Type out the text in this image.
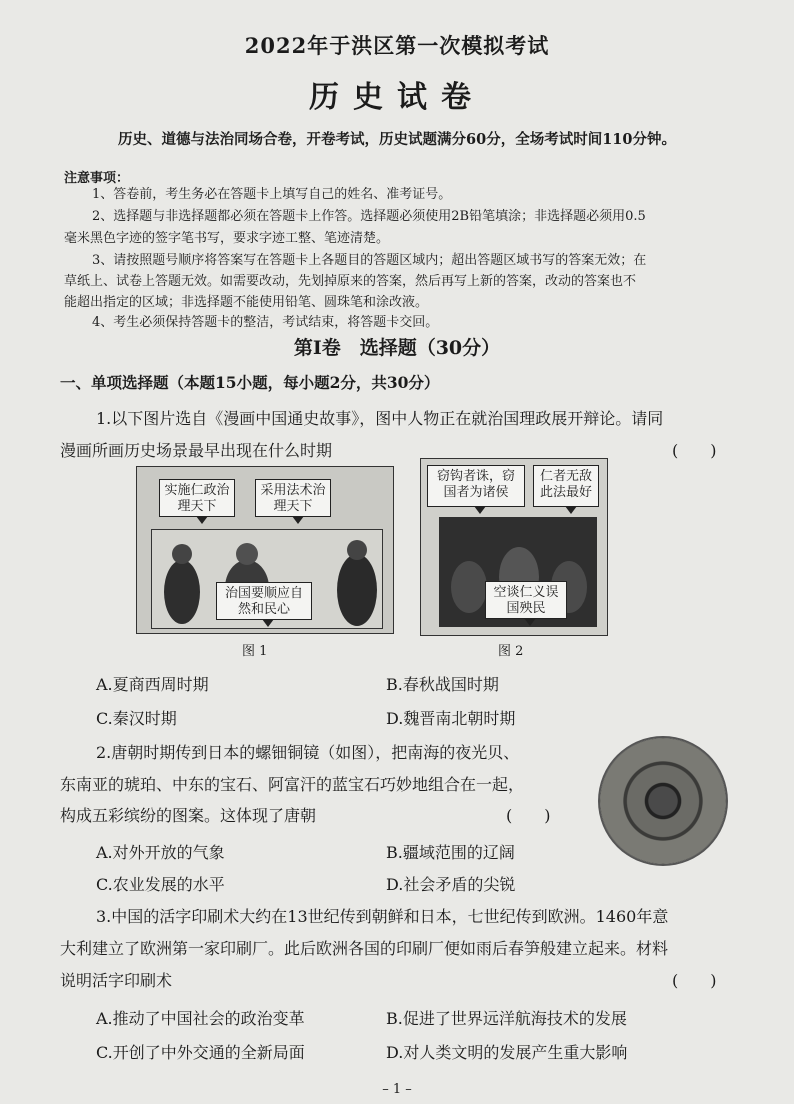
2022年于洪区第一次模拟考试
历史试卷
历史、道德与法治同场合卷，开卷考试，历史试题满分60分，全场考试时间110分钟。
注意事项：
1、答卷前，考生务必在答题卡上填写自己的姓名、准考证号。
2、选择题与非选择题都必须在答题卡上作答。选择题必须使用2B铅笔填涂；非选择题必须用0.5
毫米黑色字迹的签字笔书写，要求字迹工整、笔迹清楚。
3、请按照题号顺序将答案写在答题卡上各题目的答题区域内；超出答题区域书写的答案无效；在
草纸上、试卷上答题无效。如需要改动，先划掉原来的答案，然后再写上新的答案，改动的答案也不
能超出指定的区域；非选择题不能使用铅笔、圆珠笔和涂改液。
4、考生必须保持答题卡的整洁，考试结束，将答题卡交回。
第Ⅰ卷　选择题（30分）
一、单项选择题（本题15小题，每小题2分，共30分）
1.以下图片选自《漫画中国通史故事》，图中人物正在就治国理政展开辩论。请同
漫画所画历史场景最早出现在什么时期	(　　)
实施仁政治理天下
采用法术治理天下
治国要顺应自然和民心
图 1
窃钩者诛，窃国者为诸侯
仁者无敌此法最好
空谈仁义误国殃民
图 2
A.夏商西周时期	B.春秋战国时期
C.秦汉时期	D.魏晋南北朝时期
2.唐朝时期传到日本的螺钿铜镜（如图），把南海的夜光贝、
东南亚的琥珀、中东的宝石、阿富汗的蓝宝石巧妙地组合在一起，
构成五彩缤纷的图案。这体现了唐朝	(　　)
A.对外开放的气象	B.疆域范围的辽阔
C.农业发展的水平	D.社会矛盾的尖锐
3.中国的活字印刷术大约在13世纪传到朝鲜和日本，七世纪传到欧洲。1460年意
大利建立了欧洲第一家印刷厂。此后欧洲各国的印刷厂便如雨后春笋般建立起来。材料
说明活字印刷术	(　　)
A.推动了中国社会的政治变革	B.促进了世界远洋航海技术的发展
C.开创了中外交通的全新局面	D.对人类文明的发展产生重大影响
– 1 –
